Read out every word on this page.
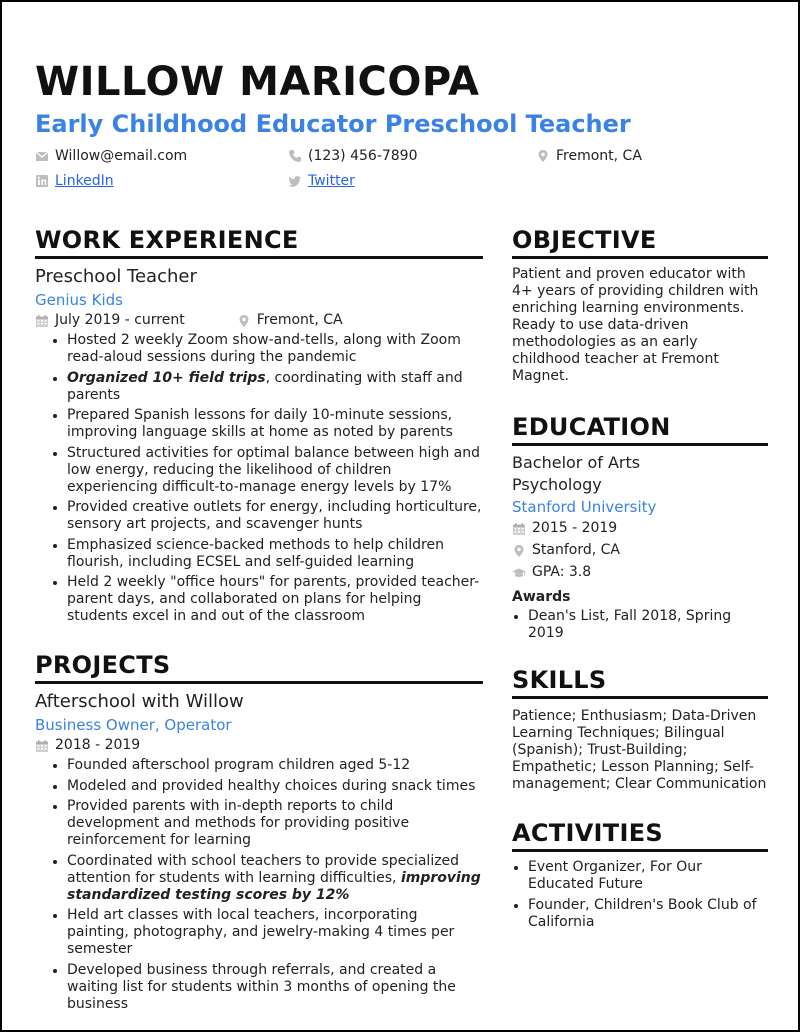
WILLOW MARICOPA
Early Childhood Educator Preschool Teacher
Willow@email.com	(123) 456-7890	Fremont, CA
LinkedIn	Twitter
WORK EXPERIENCE
Preschool Teacher
Genius Kids
July 2019 - current	Fremont, CA
• Hosted 2 weekly Zoom show-and-tells, along with Zoom read-aloud sessions during the pandemic
• Organized 10+ field trips, coordinating with staff and parents
• Prepared Spanish lessons for daily 10-minute sessions, improving language skills at home as noted by parents
• Structured activities for optimal balance between high and low energy, reducing the likelihood of children experiencing difficult-to-manage energy levels by 17%
• Provided creative outlets for energy, including horticulture, sensory art projects, and scavenger hunts
• Emphasized science-backed methods to help children flourish, including ECSEL and self-guided learning
• Held 2 weekly "office hours" for parents, provided teacher-parent days, and collaborated on plans for helping students excel in and out of the classroom
PROJECTS
Afterschool with Willow
Business Owner, Operator
2018 - 2019
• Founded afterschool program children aged 5-12
• Modeled and provided healthy choices during snack times
• Provided parents with in-depth reports to child development and methods for providing positive reinforcement for learning
• Coordinated with school teachers to provide specialized attention for students with learning difficulties, improving standardized testing scores by 12%
• Held art classes with local teachers, incorporating painting, photography, and jewelry-making 4 times per semester
• Developed business through referrals, and created a waiting list for students within 3 months of opening the business
OBJECTIVE
Patient and proven educator with 4+ years of providing children with enriching learning environments. Ready to use data-driven methodologies as an early childhood teacher at Fremont Magnet.
EDUCATION
Bachelor of Arts
Psychology
Stanford University
2015 - 2019
Stanford, CA
GPA: 3.8
Awards
• Dean's List, Fall 2018, Spring 2019
SKILLS
Patience; Enthusiasm; Data-Driven Learning Techniques; Bilingual (Spanish); Trust-Building; Empathetic; Lesson Planning; Self-management; Clear Communication
ACTIVITIES
• Event Organizer, For Our Educated Future
• Founder, Children's Book Club of California
